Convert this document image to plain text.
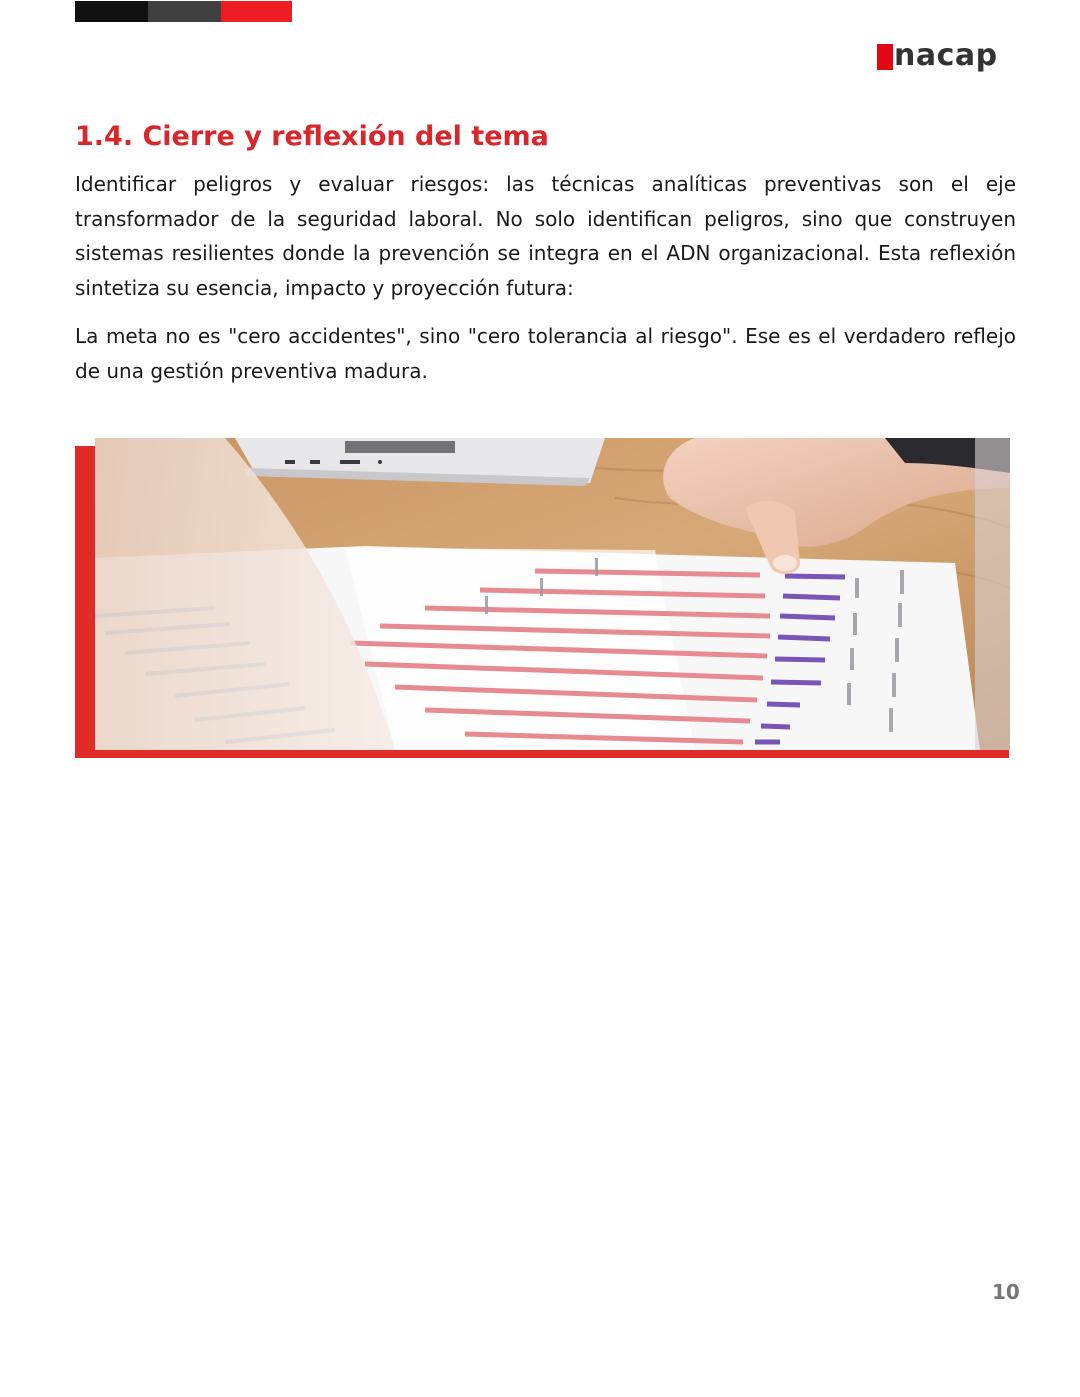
nacap
1.4. Cierre y reflexión del tema

Identificar peligros y evaluar riesgos: las técnicas analíticas preventivas son el eje transformador de la seguridad laboral. No solo identifican peligros, sino que construyen sistemas resilientes donde la prevención se integra en el ADN organizacional. Esta reflexión sintetiza su esencia, impacto y proyección futura:

La meta no es "cero accidentes", sino "cero tolerancia al riesgo". Ese es el verdadero reflejo de una gestión preventiva madura.

10
